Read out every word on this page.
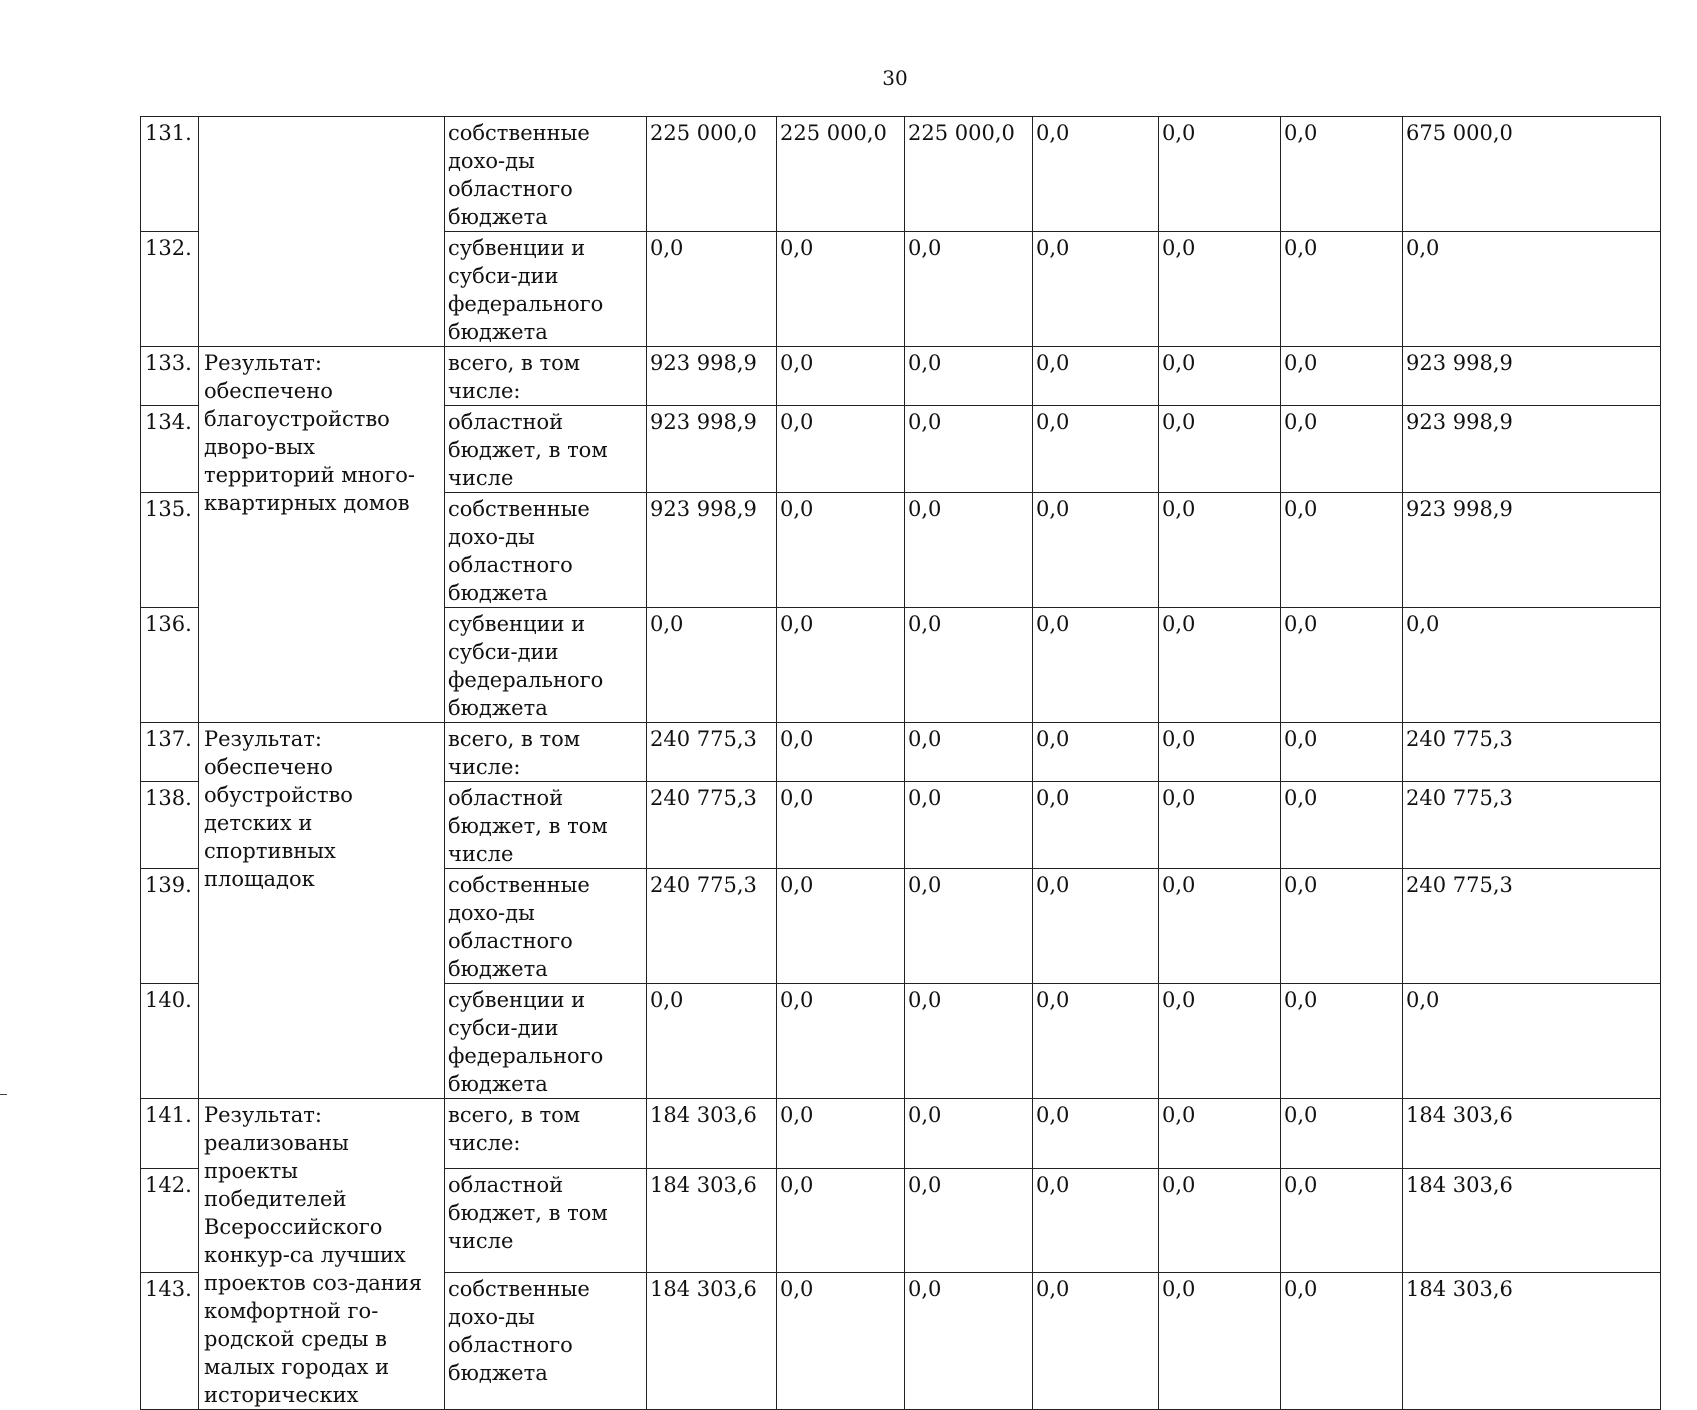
30
131.		собственные дохо-ды областного бюджета	225 000,0	225 000,0	225 000,0	0,0	0,0	0,0	675 000,0
132.		субвенции и субси-дии федерального бюджета	0,0	0,0	0,0	0,0	0,0	0,0	0,0
133.	Результат: обеспечено благоустройство дворо-вых территорий много-квартирных домов	всего, в том числе:	923 998,9	0,0	0,0	0,0	0,0	0,0	923 998,9
134.		областной бюджет, в том числе	923 998,9	0,0	0,0	0,0	0,0	0,0	923 998,9
135.		собственные дохо-ды областного бюджета	923 998,9	0,0	0,0	0,0	0,0	0,0	923 998,9
136.		субвенции и субси-дии федерального бюджета	0,0	0,0	0,0	0,0	0,0	0,0	0,0
137.	Результат: обеспечено обустройство детских и спортивных площадок	всего, в том числе:	240 775,3	0,0	0,0	0,0	0,0	0,0	240 775,3
138.		областной бюджет, в том числе	240 775,3	0,0	0,0	0,0	0,0	0,0	240 775,3
139.		собственные дохо-ды областного бюджета	240 775,3	0,0	0,0	0,0	0,0	0,0	240 775,3
140.		субвенции и субси-дии федерального бюджета	0,0	0,0	0,0	0,0	0,0	0,0	0,0
141.	Результат: реализованы проекты победителей Всероссийского конкур-са лучших проектов соз-дания комфортной го-родской среды в малых городах и исторических	всего, в том числе:	184 303,6	0,0	0,0	0,0	0,0	0,0	184 303,6
142.		областной бюджет, в том числе	184 303,6	0,0	0,0	0,0	0,0	0,0	184 303,6
143.		собственные дохо-ды областного бюджета	184 303,6	0,0	0,0	0,0	0,0	0,0	184 303,6
